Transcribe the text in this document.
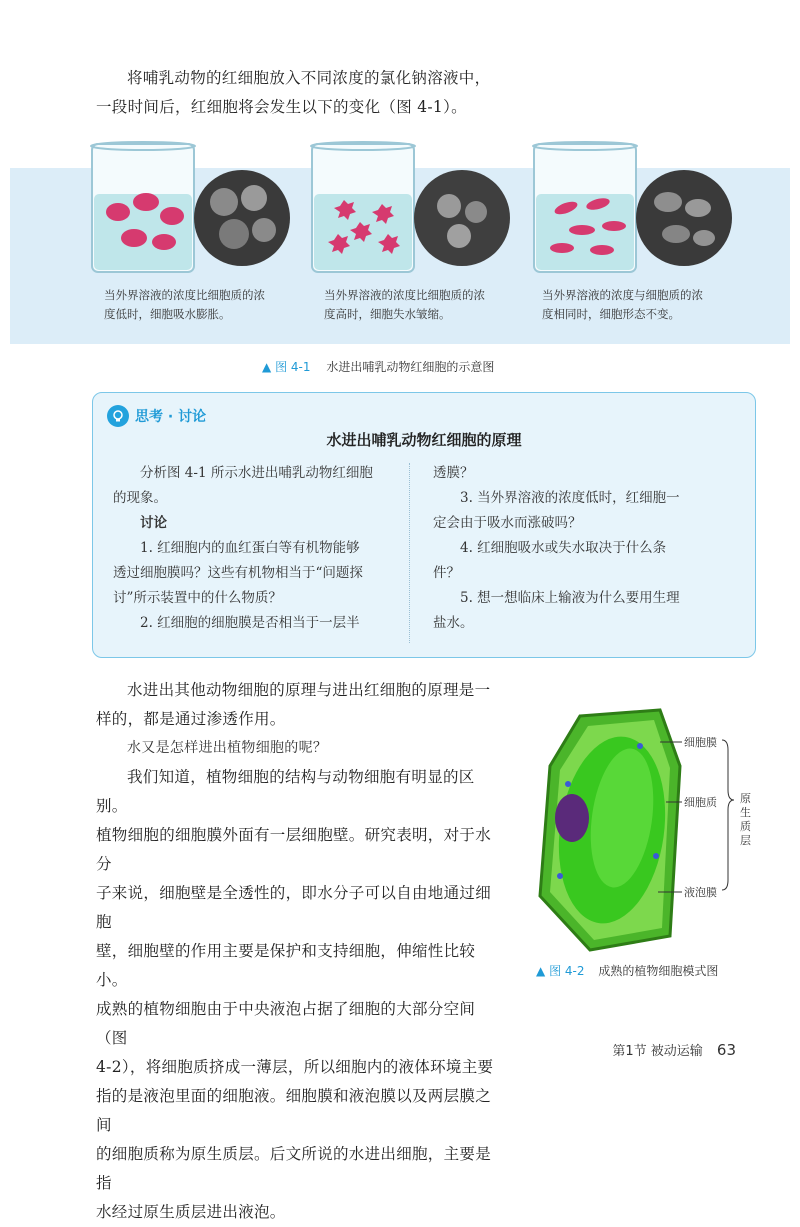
将哺乳动物的红细胞放入不同浓度的氯化钠溶液中，

一段时间后，红细胞将会发生以下的变化（图 4-1）。

当外界溶液的浓度比细胞质的浓
度低时，细胞吸水膨胀。
当外界溶液的浓度比细胞质的浓
度高时，细胞失水皱缩。
当外界溶液的浓度与细胞质的浓
度相同时，细胞形态不变。
▲ 图 4-1 水进出哺乳动物红细胞的示意图
思考 · 讨论
水进出哺乳动物红细胞的原理

分析图 4-1 所示水进出哺乳动物红细胞

的现象。

讨论

1. 红细胞内的血红蛋白等有机物能够

透过细胞膜吗？这些有机物相当于“问题探

讨”所示装置中的什么物质？

2. 红细胞的细胞膜是否相当于一层半

透膜？

3. 当外界溶液的浓度低时，红细胞一

定会由于吸水而涨破吗？

4. 红细胞吸水或失水取决于什么条

件？

5. 想一想临床上输液为什么要用生理

盐水。

水进出其他动物细胞的原理与进出红细胞的原理是一

样的，都是通过渗透作用。

水又是怎样进出植物细胞的呢？

我们知道，植物细胞的结构与动物细胞有明显的区别。

植物细胞的细胞膜外面有一层细胞壁。研究表明，对于水分

子来说，细胞壁是全透性的，即水分子可以自由地通过细胞

壁，细胞壁的作用主要是保护和支持细胞，伸缩性比较小。

成熟的植物细胞由于中央液泡占据了细胞的大部分空间（图

4-2），将细胞质挤成一薄层，所以细胞内的液体环境主要

指的是液泡里面的细胞液。细胞膜和液泡膜以及两层膜之间

的细胞质称为原生质层。后文所说的水进出细胞，主要是指

水经过原生质层进出液泡。

细胞膜
细胞质
液泡膜
原
生
质
层
▲ 图 4-2 成熟的植物细胞模式图
第1节 被动运输 63
